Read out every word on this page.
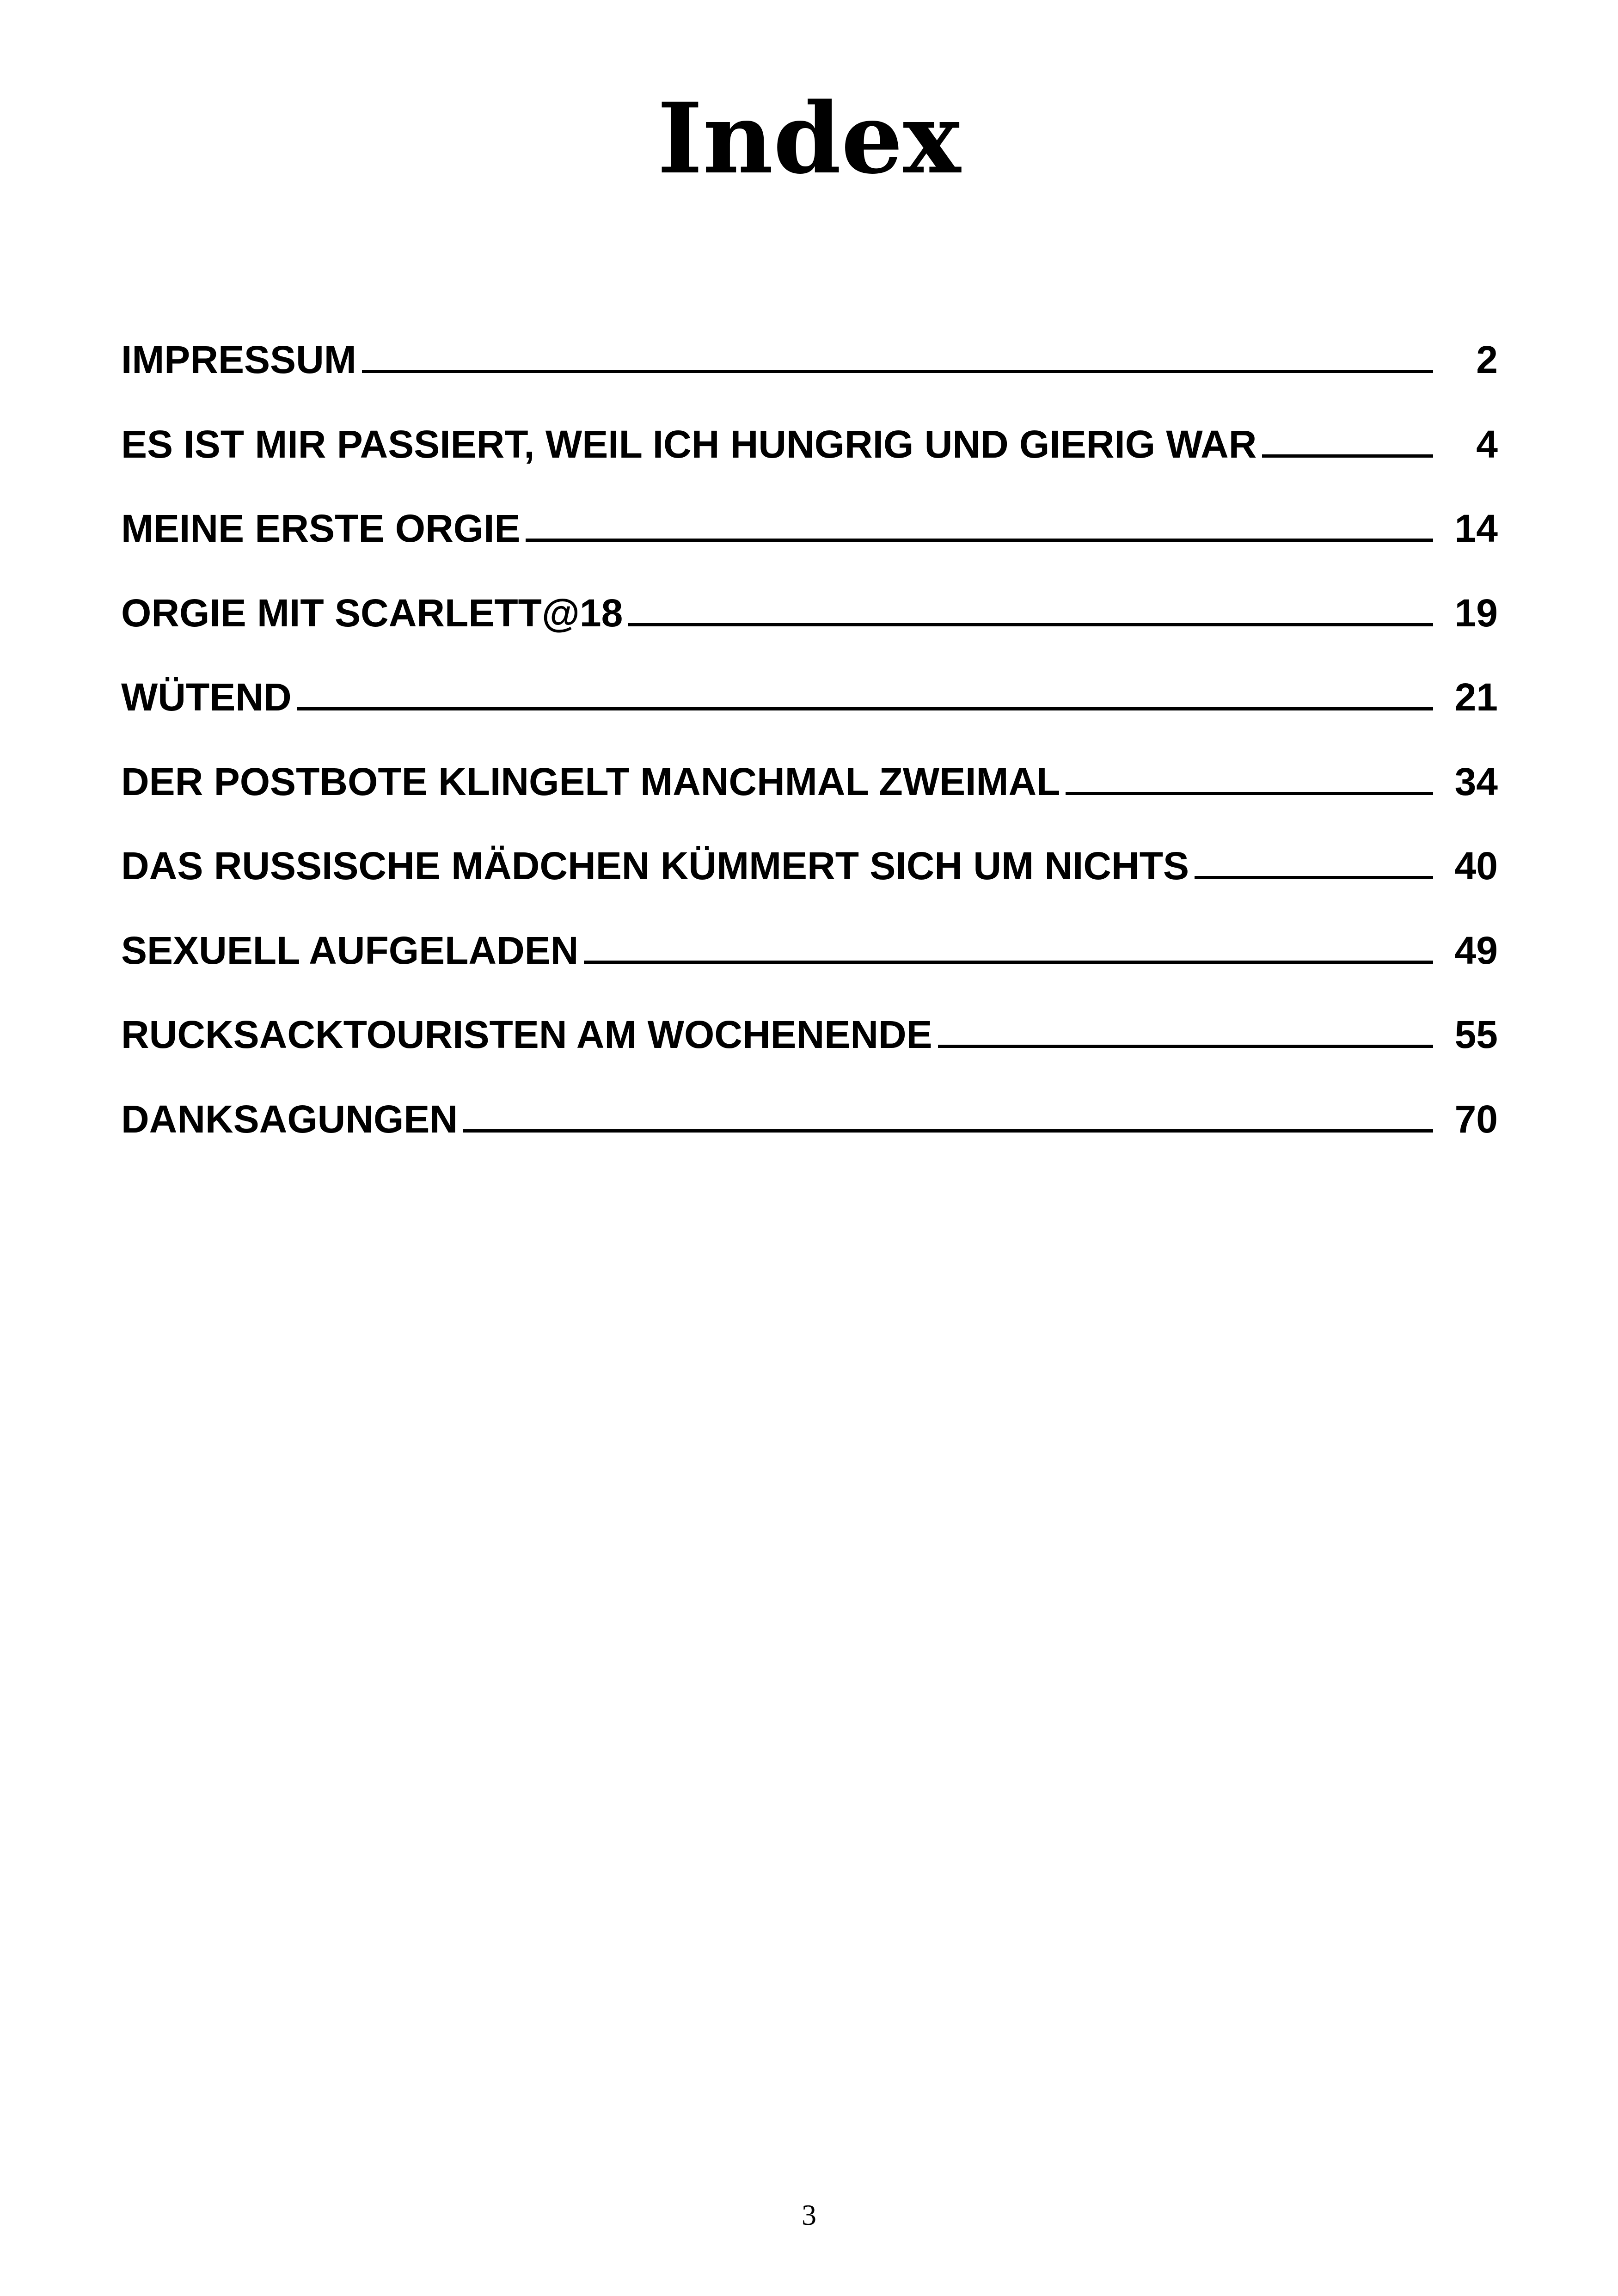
Index
IMPRESSUM	2
ES IST MIR PASSIERT, WEIL ICH HUNGRIG UND GIERIG WAR	4
MEINE ERSTE ORGIE	14
ORGIE MIT SCARLETT@18	19
WÜTEND	21
DER POSTBOTE KLINGELT MANCHMAL ZWEIMAL	34
DAS RUSSISCHE MÄDCHEN KÜMMERT SICH UM NICHTS	40
SEXUELL AUFGELADEN	49
RUCKSACKTOURISTEN AM WOCHENENDE	55
DANKSAGUNGEN	70
3
